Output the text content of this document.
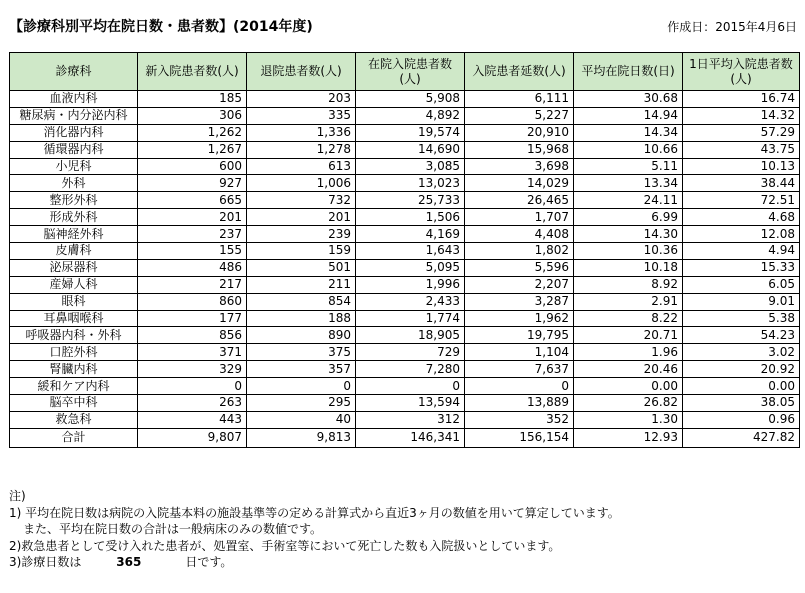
【診療科別平均在院日数・患者数】(2014年度)	作成日：2015年4月6日
診療科	新入院患者数(人)	退院患者数(人)	在院入院患者数(人)	入院患者延数(人)	平均在院日数(日)	1日平均入院患者数(人)
血液内科	185	203	5,908	6,111	30.68	16.74
糖尿病・内分泌内科	306	335	4,892	5,227	14.94	14.32
消化器内科	1,262	1,336	19,574	20,910	14.34	57.29
循環器内科	1,267	1,278	14,690	15,968	10.66	43.75
小児科	600	613	3,085	3,698	5.11	10.13
外科	927	1,006	13,023	14,029	13.34	38.44
整形外科	665	732	25,733	26,465	24.11	72.51
形成外科	201	201	1,506	1,707	6.99	4.68
脳神経外科	237	239	4,169	4,408	14.30	12.08
皮膚科	155	159	1,643	1,802	10.36	4.94
泌尿器科	486	501	5,095	5,596	10.18	15.33
産婦人科	217	211	1,996	2,207	8.92	6.05
眼科	860	854	2,433	3,287	2.91	9.01
耳鼻咽喉科	177	188	1,774	1,962	8.22	5.38
呼吸器内科・外科	856	890	18,905	19,795	20.71	54.23
口腔外科	371	375	729	1,104	1.96	3.02
腎臓内科	329	357	7,280	7,637	20.46	20.92
緩和ケア内科	0	0	0	0	0.00	0.00
脳卒中科	263	295	13,594	13,889	26.82	38.05
救急科	443	40	312	352	1.30	0.96
合計	9,807	9,813	146,341	156,154	12.93	427.82
注)
1) 平均在院日数は病院の入院基本料の施設基準等の定める計算式から直近3ヶ月の数値を用いて算定しています。
また、平均在院日数の合計は一般病床のみの数値です。
2)救急患者として受け入れた患者が、処置室、手術室等において死亡した数も入院扱いとしています。
3)診療日数は	365	日です。
